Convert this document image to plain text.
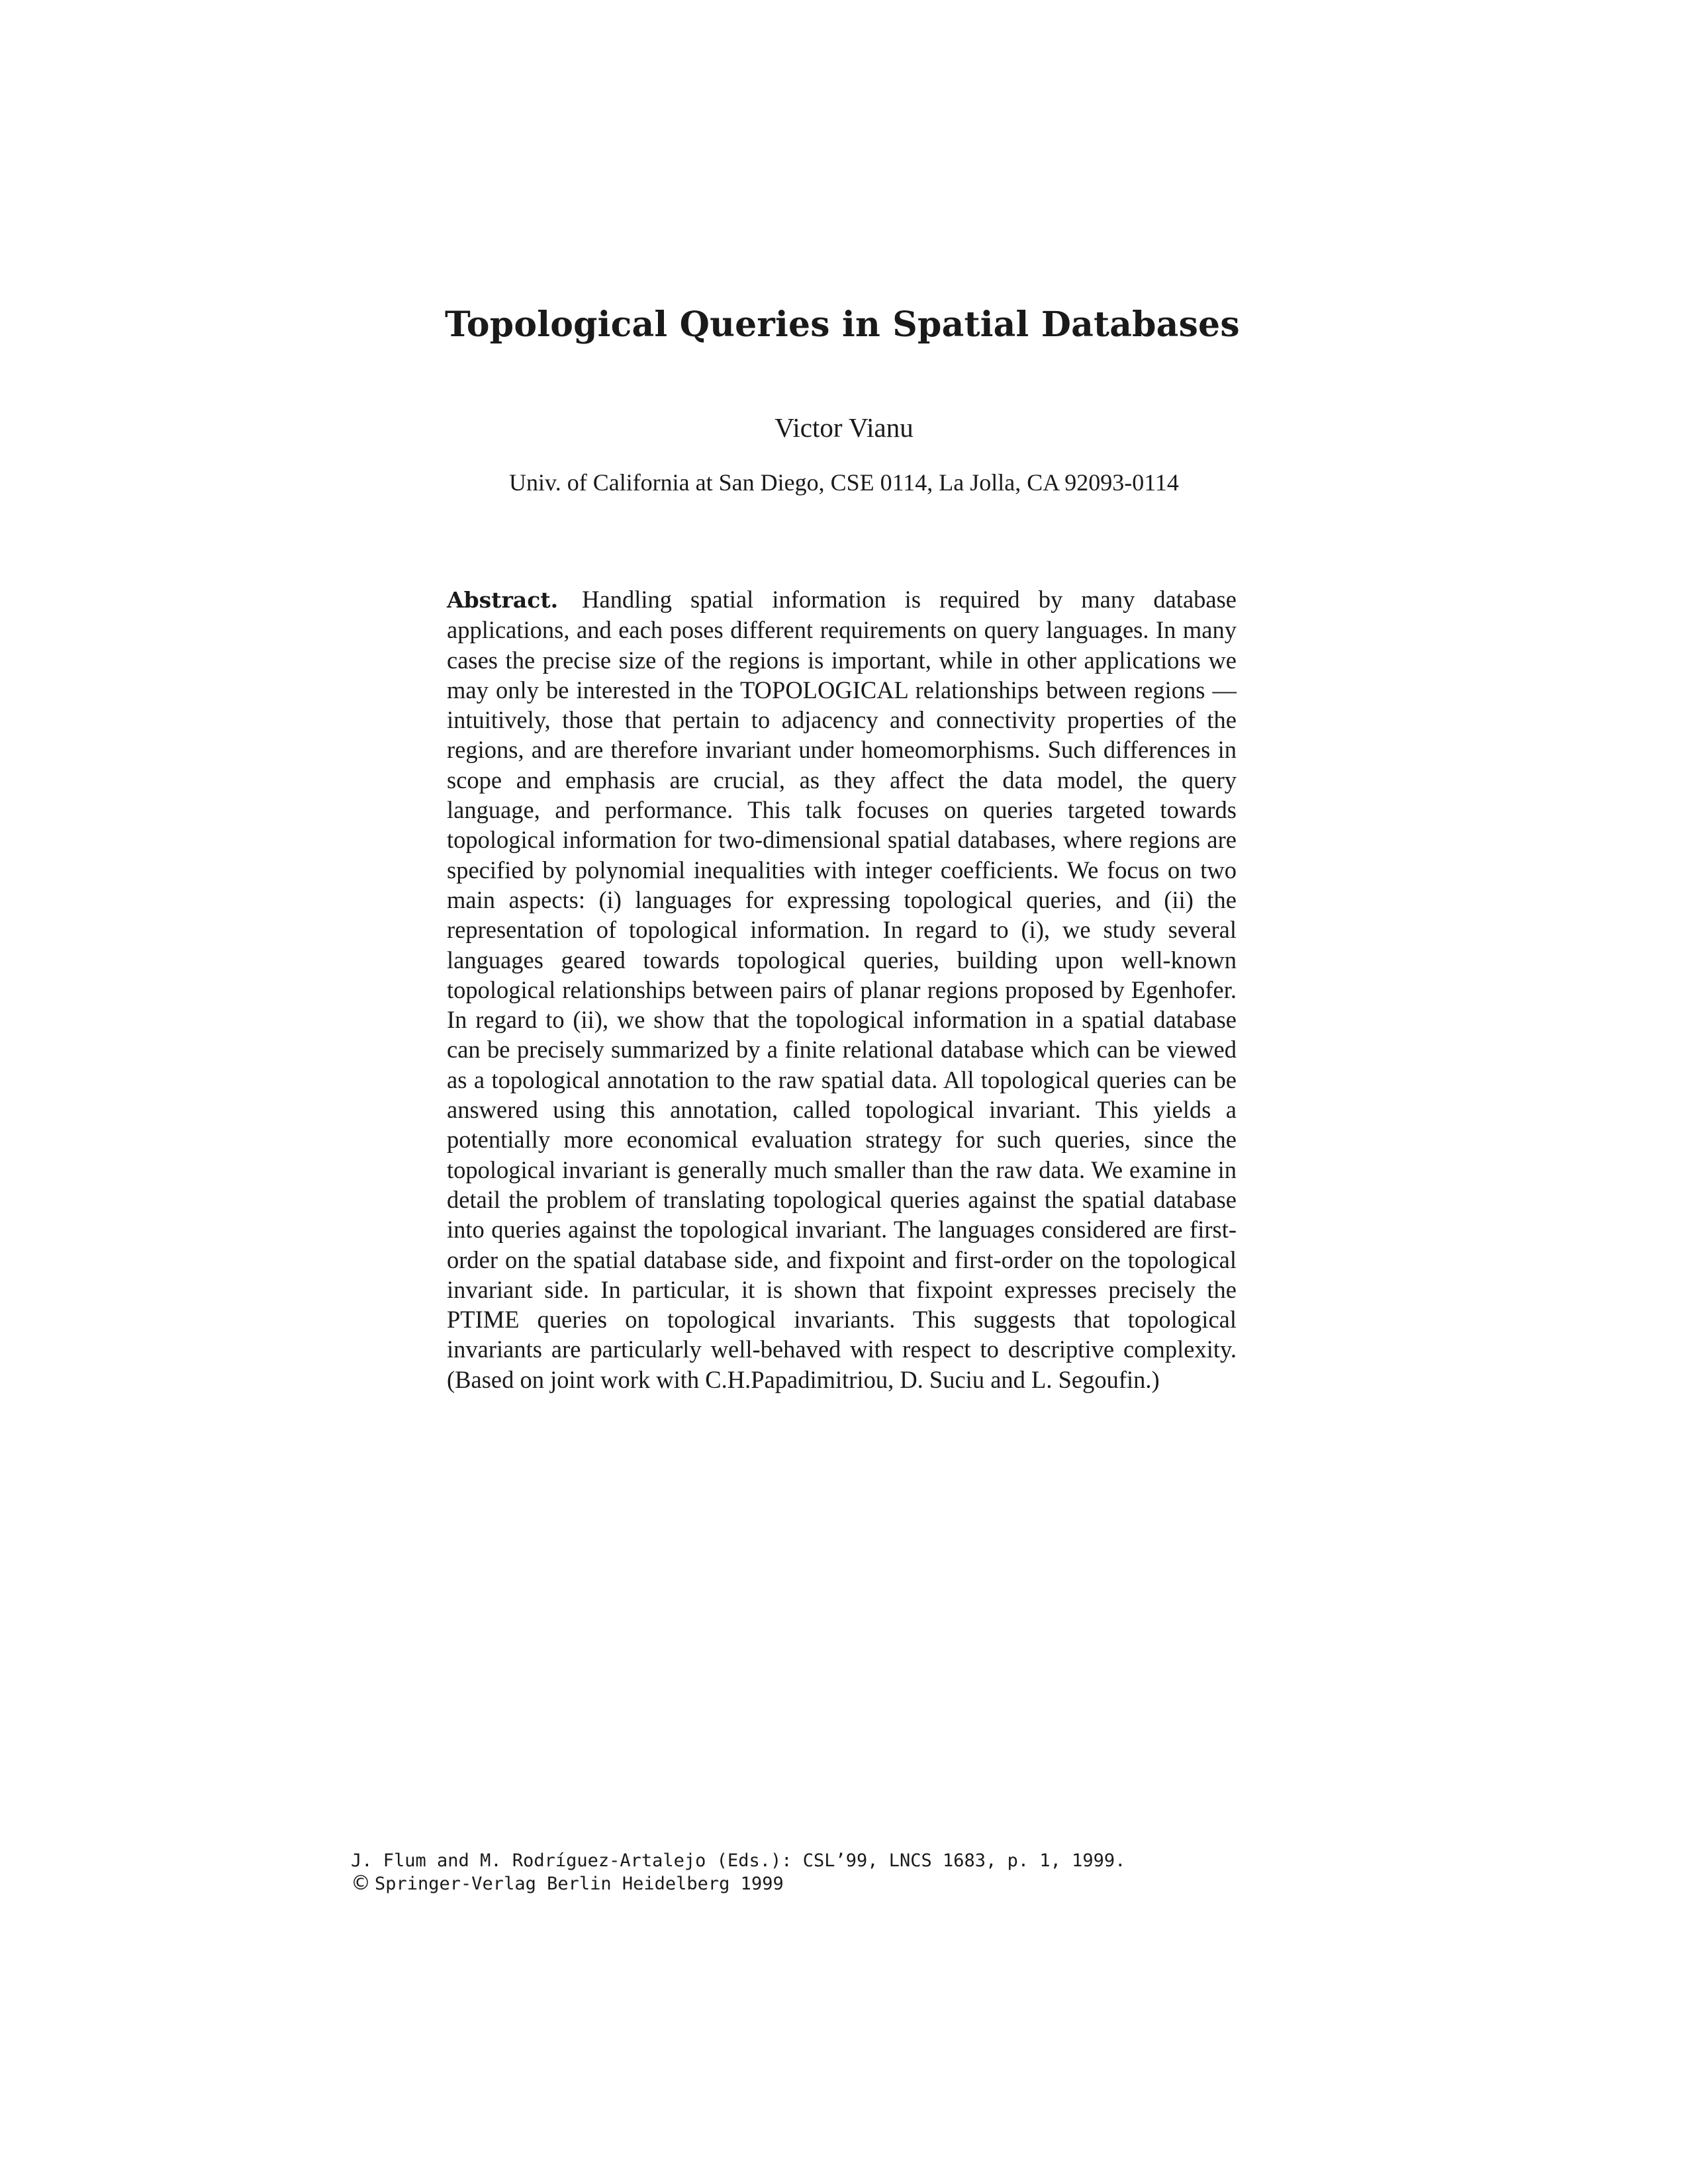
Topological Queries in Spatial Databases
Victor Vianu
Univ. of California at San Diego, CSE 0114, La Jolla, CA 92093-0114

Abstract. Handling spatial information is required by many database applications, and each poses different requirements on query languages. In many cases the precise size of the regions is important, while in other applications we may only be interested in the TOPOLOGICAL relationships between regions —intuitively, those that pertain to adjacency and connectivity properties of the regions, and are therefore invariant under homeomorphisms. Such differences in scope and emphasis are crucial, as they affect the data model, the query language, and performance. This talk focuses on queries targeted towards topological information for two-dimensional spatial databases, where regions are specified by polynomial inequalities with integer coefficients. We focus on two main aspects: (i) languages for expressing topological queries, and (ii) the representation of topological information. In regard to (i), we study several languages geared towards topological queries, building upon well-known topological relationships between pairs of planar regions proposed by Egenhofer. In regard to (ii), we show that the topological information in a spatial database can be precisely summarized by a finite relational database which can be viewed as a topological annotation to the raw spatial data. All topological queries can be answered using this annotation, called topological invariant. This yields a potentially more economical evaluation strategy for such queries, since the topological invariant is generally much smaller than the raw data. We examine in detail the problem of translating topological queries against the spatial database into queries against the topological invariant. The languages considered are first-order on the spatial database side, and fixpoint and first-order on the topological invariant side. In particular, it is shown that fixpoint expresses precisely the PTIME queries on topological invariants. This suggests that topological invariants are particularly well-behaved with respect to descriptive complexity. (Based on joint work with C.H.Papadimitriou, D. Suciu and L. Segoufin.)

J. Flum and M. Rodríguez-Artalejo (Eds.): CSL’99, LNCS 1683, p. 1, 1999.
© Springer-Verlag Berlin Heidelberg 1999
